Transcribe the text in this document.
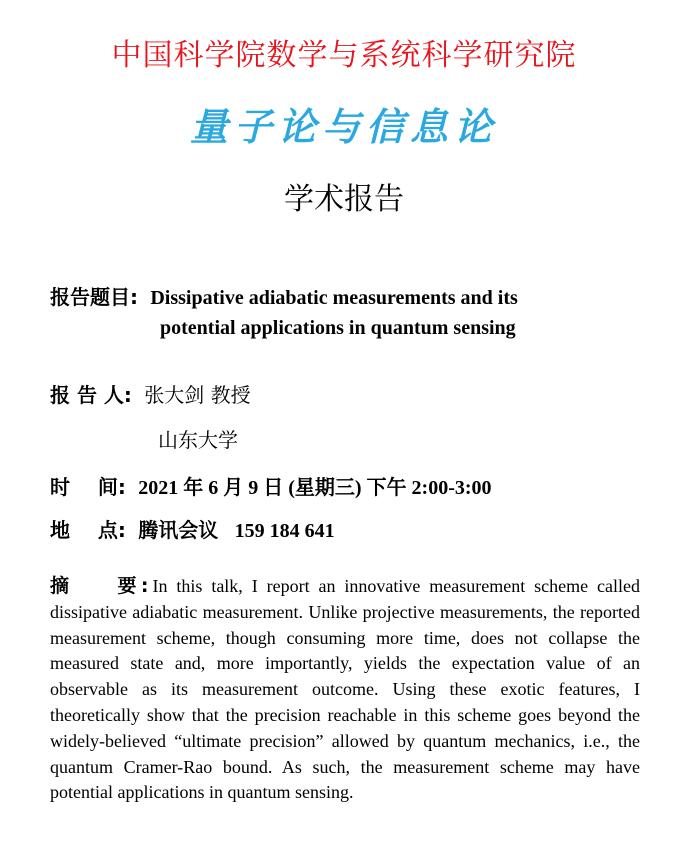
中国科学院数学与系统科学研究院
量子论与信息论
学术报告
报告题目: Dissipative adiabatic measurements and its
potential applications in quantum sensing
报 告 人: 张大剑 教授
山东大学
时    间: 2021 年 6 月 9 日 (星期三) 下午 2:00-3:00
地    点: 腾讯会议 159 184 641
摘    要: In this talk, I report an innovative measurement scheme called dissipative adiabatic measurement. Unlike projective measurements, the reported measurement scheme, though consuming more time, does not collapse the measured state and, more importantly, yields the expectation value of an observable as its measurement outcome. Using these exotic features, I theoretically show that the precision reachable in this scheme goes beyond the widely-believed “ultimate precision” allowed by quantum mechanics, i.e., the quantum Cramer-Rao bound. As such, the measurement scheme may have potential applications in quantum sensing.
